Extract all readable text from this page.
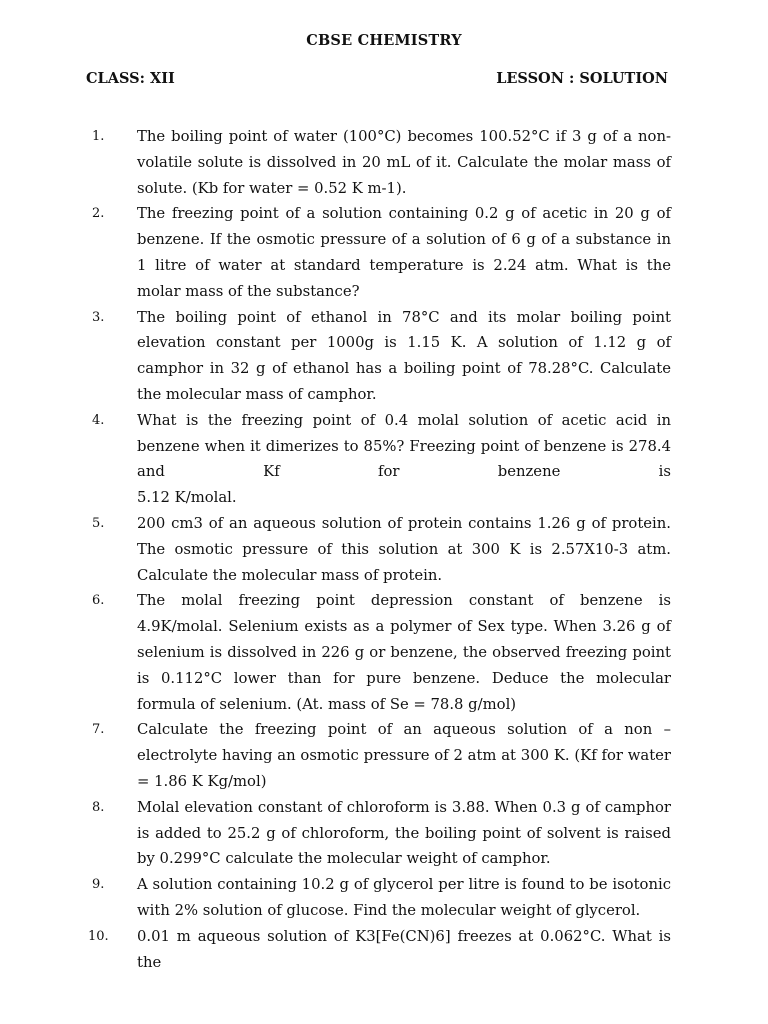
CBSE CHEMISTRY
CLASS: XII	LESSON : SOLUTION
1.	The boiling point of water (100°C) becomes 100.52°C if 3 g of a non-
volatile solute is dissolved in 20 mL of it. Calculate the molar mass of
solute. (Kb for water = 0.52 K m-1).
2.	The freezing point of a solution containing 0.2 g of acetic in 20 g of
benzene. If the osmotic pressure of a solution of 6 g of a substance in
1 litre of water at standard temperature is 2.24 atm. What is the
molar mass of the substance?
3.	The boiling point of ethanol in 78°C and its molar boiling point
elevation constant per 1000g is 1.15 K. A solution of 1.12 g of
camphor in 32 g of ethanol has a boiling point of 78.28°C. Calculate
the molecular mass of camphor.
4.	What is the freezing point of 0.4 molal solution of acetic acid in
benzene when it dimerizes to 85%? Freezing point of benzene is 278.4
and Kf for benzene is
5.12 K/molal.
5.	200 cm3 of an aqueous solution of protein contains 1.26 g of protein.
The osmotic pressure of this solution at 300 K is 2.57X10-3 atm.
Calculate the molecular mass of protein.
6.	The molal freezing point depression constant of benzene is
4.9K/molal. Selenium exists as a polymer of Sex type. When 3.26 g of
selenium is dissolved in 226 g or benzene, the observed freezing point
is 0.112°C lower than for pure benzene. Deduce the molecular
formula of selenium. (At. mass of Se = 78.8 g/mol)
7.	Calculate the freezing point of an aqueous solution of a non –
electrolyte having an osmotic pressure of 2 atm at 300 K. (Kf for water
= 1.86 K Kg/mol)
8.	Molal elevation constant of chloroform is 3.88. When 0.3 g of camphor
is added to 25.2 g of chloroform, the boiling point of solvent is raised
by 0.299°C calculate the molecular weight of camphor.
9.	A solution containing 10.2 g of glycerol per litre is found to be isotonic
with 2% solution of glucose. Find the molecular weight of glycerol.
10.	0.01 m aqueous solution of K3[Fe(CN)6] freezes at 0.062°C. What is the
